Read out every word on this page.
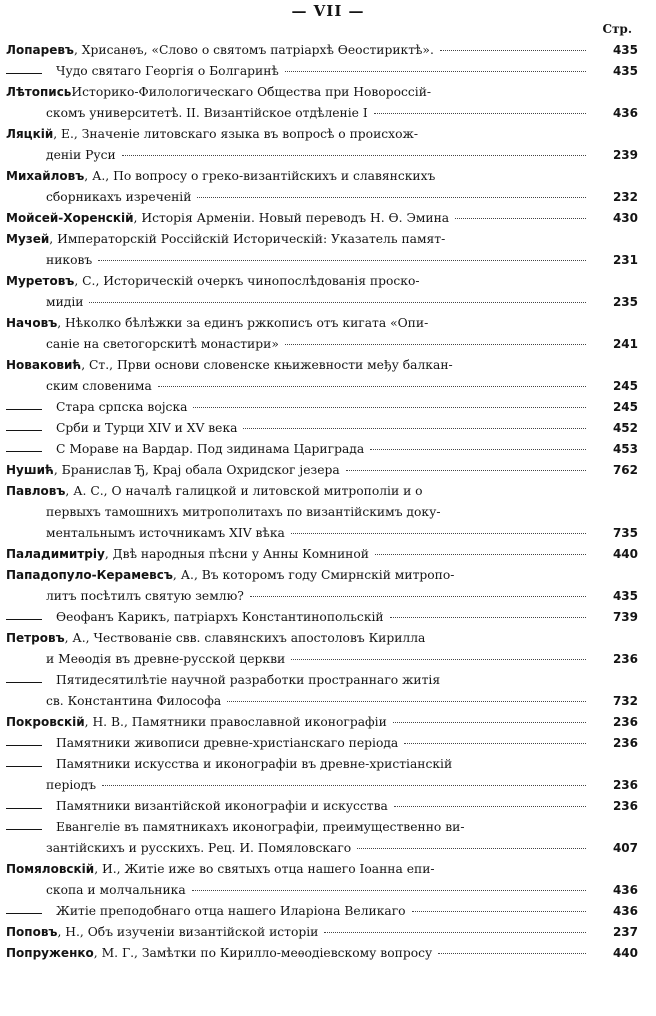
— VII —
Стр.
Лопаревъ , Хрисанѳъ, «Слово о святомъ патріархѣ Ѳеостириктѣ».	435
Чудо святаго Георгія о Болгаринѣ	435
Лѣтопись Историко-Филологическаго Общества при Новороссій-
скомъ университетѣ. II. Византійское отдѣленіе I	436
Ляцкій , Е., Значеніе литовскаго языка въ вопросѣ о происхож-
деніи Руси	239
Михайловъ , А., По вопросу о греко-византійскихъ и славянскихъ
сборникахъ изреченій	232
Мойсей-Хоренскій , Исторія Арменіи. Новый переводъ Н. Ѳ. Эмина	430
Музей , Императорскій Россійскій Историческій: Указатель памят-
никовъ	231
Муретовъ , С., Историческій очеркъ чинопослѣдованія проско-
мидіи	235
Начовъ , Нѣколко бѣлѣжки за единъ ржкописъ отъ кигата «Опи-
саніе на светогорскитѣ монастири»	241
Новаковић , Ст., Први основи словенске књижевности међу балкан-
ским словенима	245
Стара српска војска	245
Срби и Турци XIV и XV века	452
С Мораве на Вардар. Под зидинама Цариграда	453
Нушић , Бранислав Ђ, Крај обала Охридског језера	762
Павловъ , А. С., О началѣ галицкой и литовской митрополіи и о
первыхъ тамошнихъ митрополитахъ по византійскимъ доку-
ментальнымъ источникамъ XIV вѣка	735
Паладимитріу , Двѣ народныя пѣсни у Анны Комниной	440
Пападопуло-Керамевсъ , А., Въ которомъ году Смирнскій митропо-
литъ посѣтилъ святую землю?	435
Ѳеофанъ Карикъ, патріархъ Константинопольскій	739
Петровъ , А., Чествованіе свв. славянскихъ апостоловъ Кирилла
и Меѳодія въ древне-русской церкви	236
Пятидесятилѣтіе научной разработки пространнаго житія
св. Константина Философа	732
Покровскій , Н. В., Памятники православной иконографіи	236
Памятники живописи древне-христіанскаго періода	236
Памятники искусства и иконографіи въ древне-христіанскій
періодъ	236
Памятники византійской иконографіи и искусства	236
Евангеліе въ памятникахъ иконографіи, преимущественно ви-
зантійскихъ и русскихъ. Рец. И. Помяловскаго	407
Помяловскій , И., Житіе иже во святыхъ отца нашего Іоанна епи-
скопа и молчальника	436
Житіе преподобнаго отца нашего Иларіона Великаго	436
Поповъ , Н., Объ изученіи византійской исторіи	237
Попруженко , М. Г., Замѣтки по Кирилло-меѳодіевскому вопросу	440
